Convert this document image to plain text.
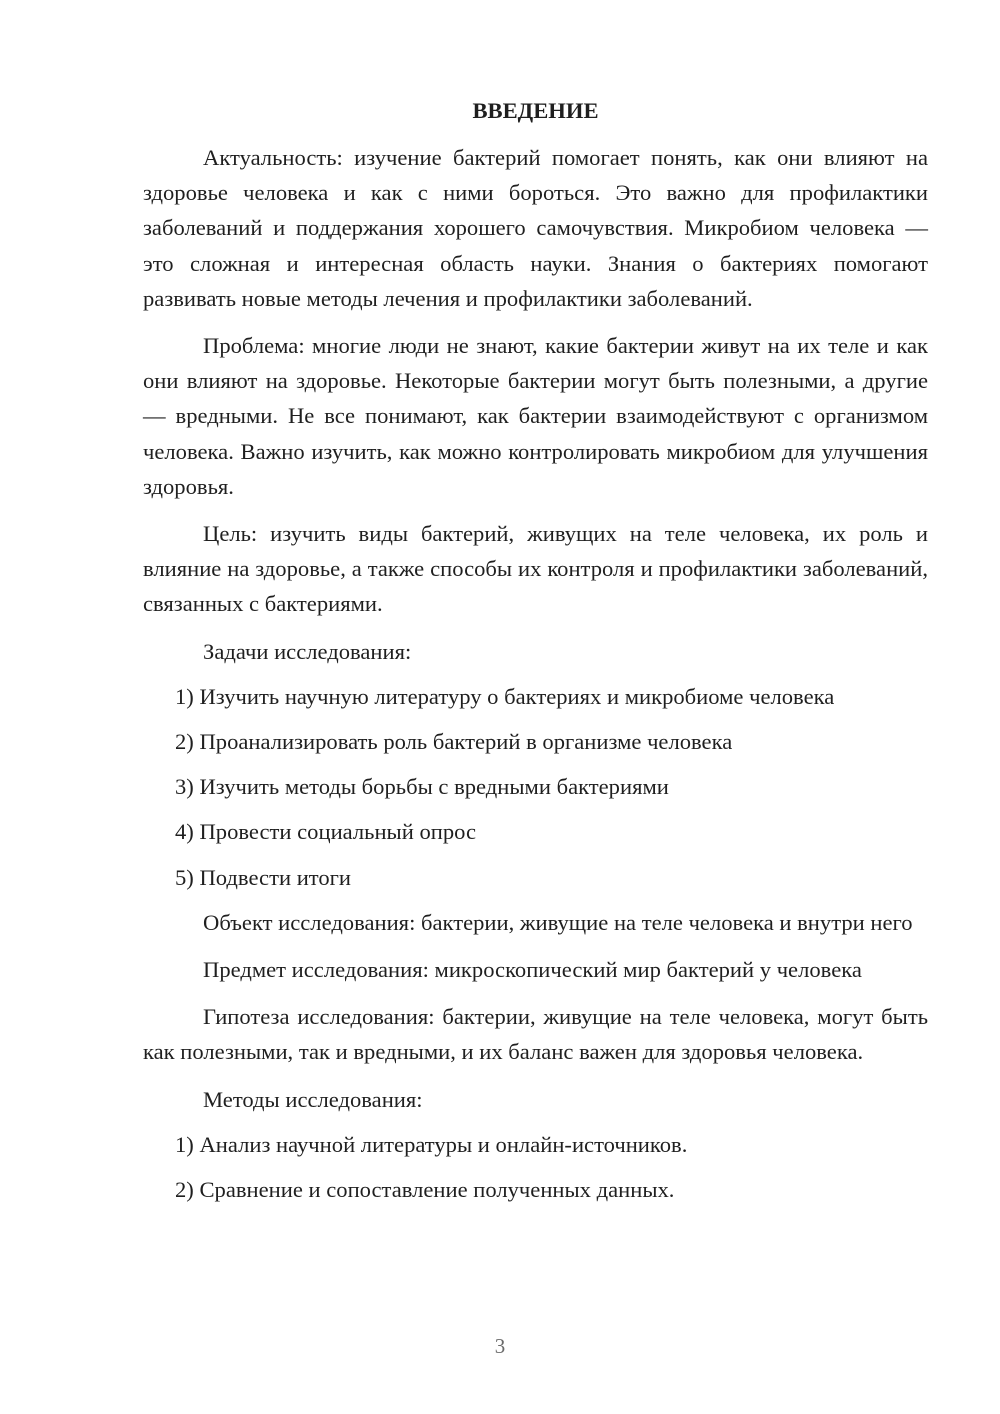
ВВЕДЕНИЕ

Актуальность: изучение бактерий помогает понять, как они влияют на здоровье человека и как с ними бороться. Это важно для профилактики заболеваний и поддержания хорошего самочувствия. Микробиом человека — это сложная и интересная область науки. Знания о бактериях помогают развивать новые методы лечения и профилактики заболеваний.

Проблема: многие люди не знают, какие бактерии живут на их теле и как они влияют на здоровье. Некоторые бактерии могут быть полезными, а другие — вредными. Не все понимают, как бактерии взаимодействуют с организмом человека. Важно изучить, как можно контролировать микробиом для улучшения здоровья.

Цель: изучить виды бактерий, живущих на теле человека, их роль и влияние на здоровье, а также способы их контроля и профилактики заболеваний, связанных с бактериями.

Задачи исследования:

1) Изучить научную литературу о бактериях и микробиоме человека
2) Проанализировать роль бактерий в организме человека
3) Изучить методы борьбы с вредными бактериями
4) Провести социальный опрос
5) Подвести итоги

Объект исследования: бактерии, живущие на теле человека и внутри него

Предмет исследования: микроскопический мир бактерий у человека

Гипотеза исследования: бактерии, живущие на теле человека, могут быть как полезными, так и вредными, и их баланс важен для здоровья человека.

Методы исследования:

1) Анализ научной литературы и онлайн-источников.
2) Сравнение и сопоставление полученных данных.
3
